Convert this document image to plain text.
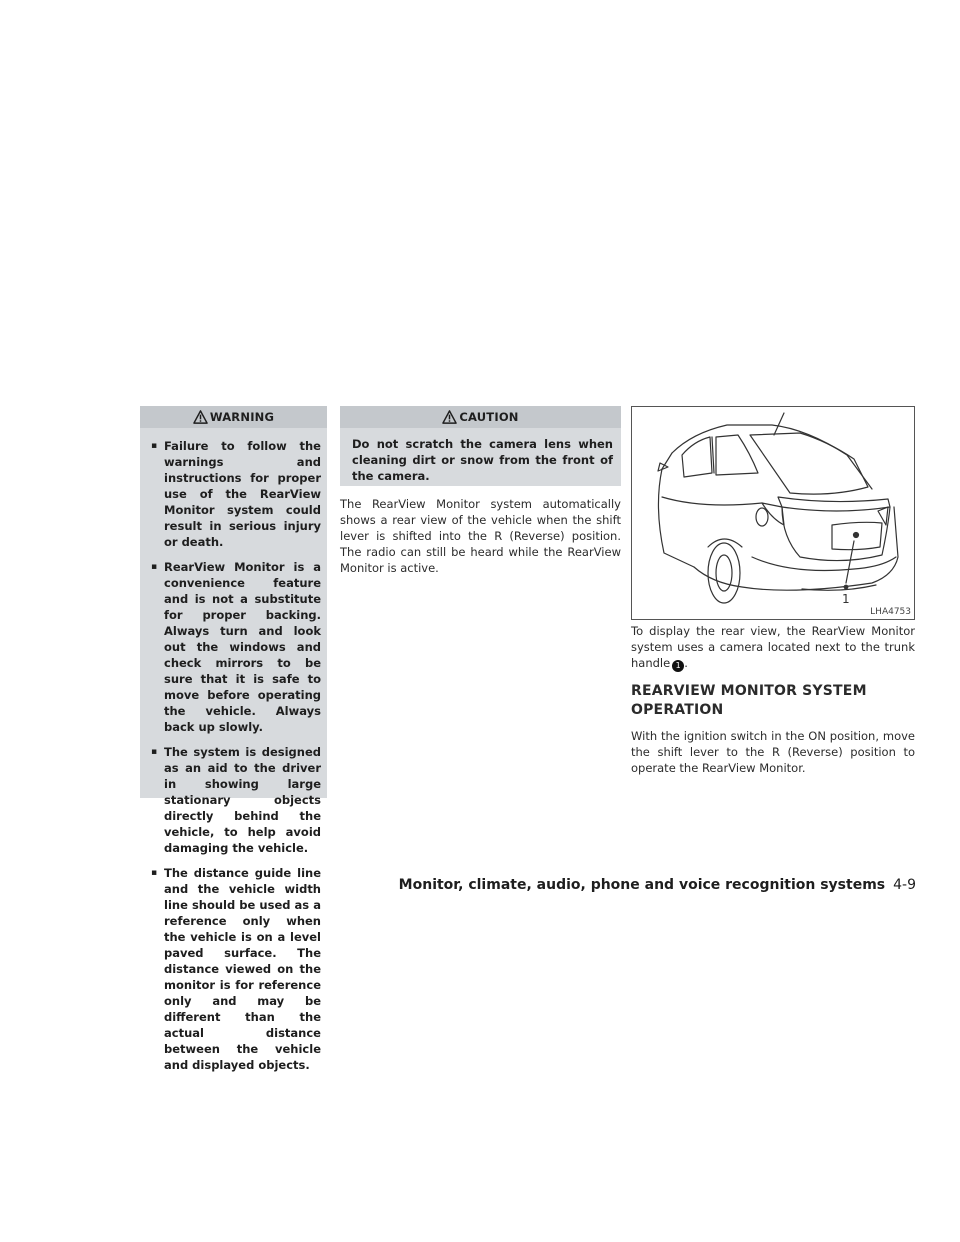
WARNING

▪ Failure to follow the warnings and instructions for proper use of the RearView Monitor system could result in serious injury or death.

▪ RearView Monitor is a convenience feature and is not a substitute for proper backing. Always turn and look out the windows and check mirrors to be sure that it is safe to move before operating the vehicle. Always back up slowly.

▪ The system is designed as an aid to the driver in showing large stationary objects directly behind the vehicle, to help avoid damaging the vehicle.

▪ The distance guide line and the vehicle width line should be used as a reference only when the vehicle is on a level paved surface. The distance viewed on the monitor is for reference only and may be different than the actual distance between the vehicle and displayed objects.

CAUTION

Do not scratch the camera lens when cleaning dirt or snow from the front of the camera.

The RearView Monitor system automatically shows a rear view of the vehicle when the shift lever is shifted into the R (Reverse) position. The radio can still be heard while the RearView Monitor is active.

1
LHA4753

To display the rear view, the RearView Monitor system uses a camera located next to the trunk handle 1 .

REARVIEW MONITOR SYSTEM OPERATION

With the ignition switch in the ON position, move the shift lever to the R (Reverse) position to operate the RearView Monitor.

Monitor, climate, audio, phone and voice recognition systems 4-9
